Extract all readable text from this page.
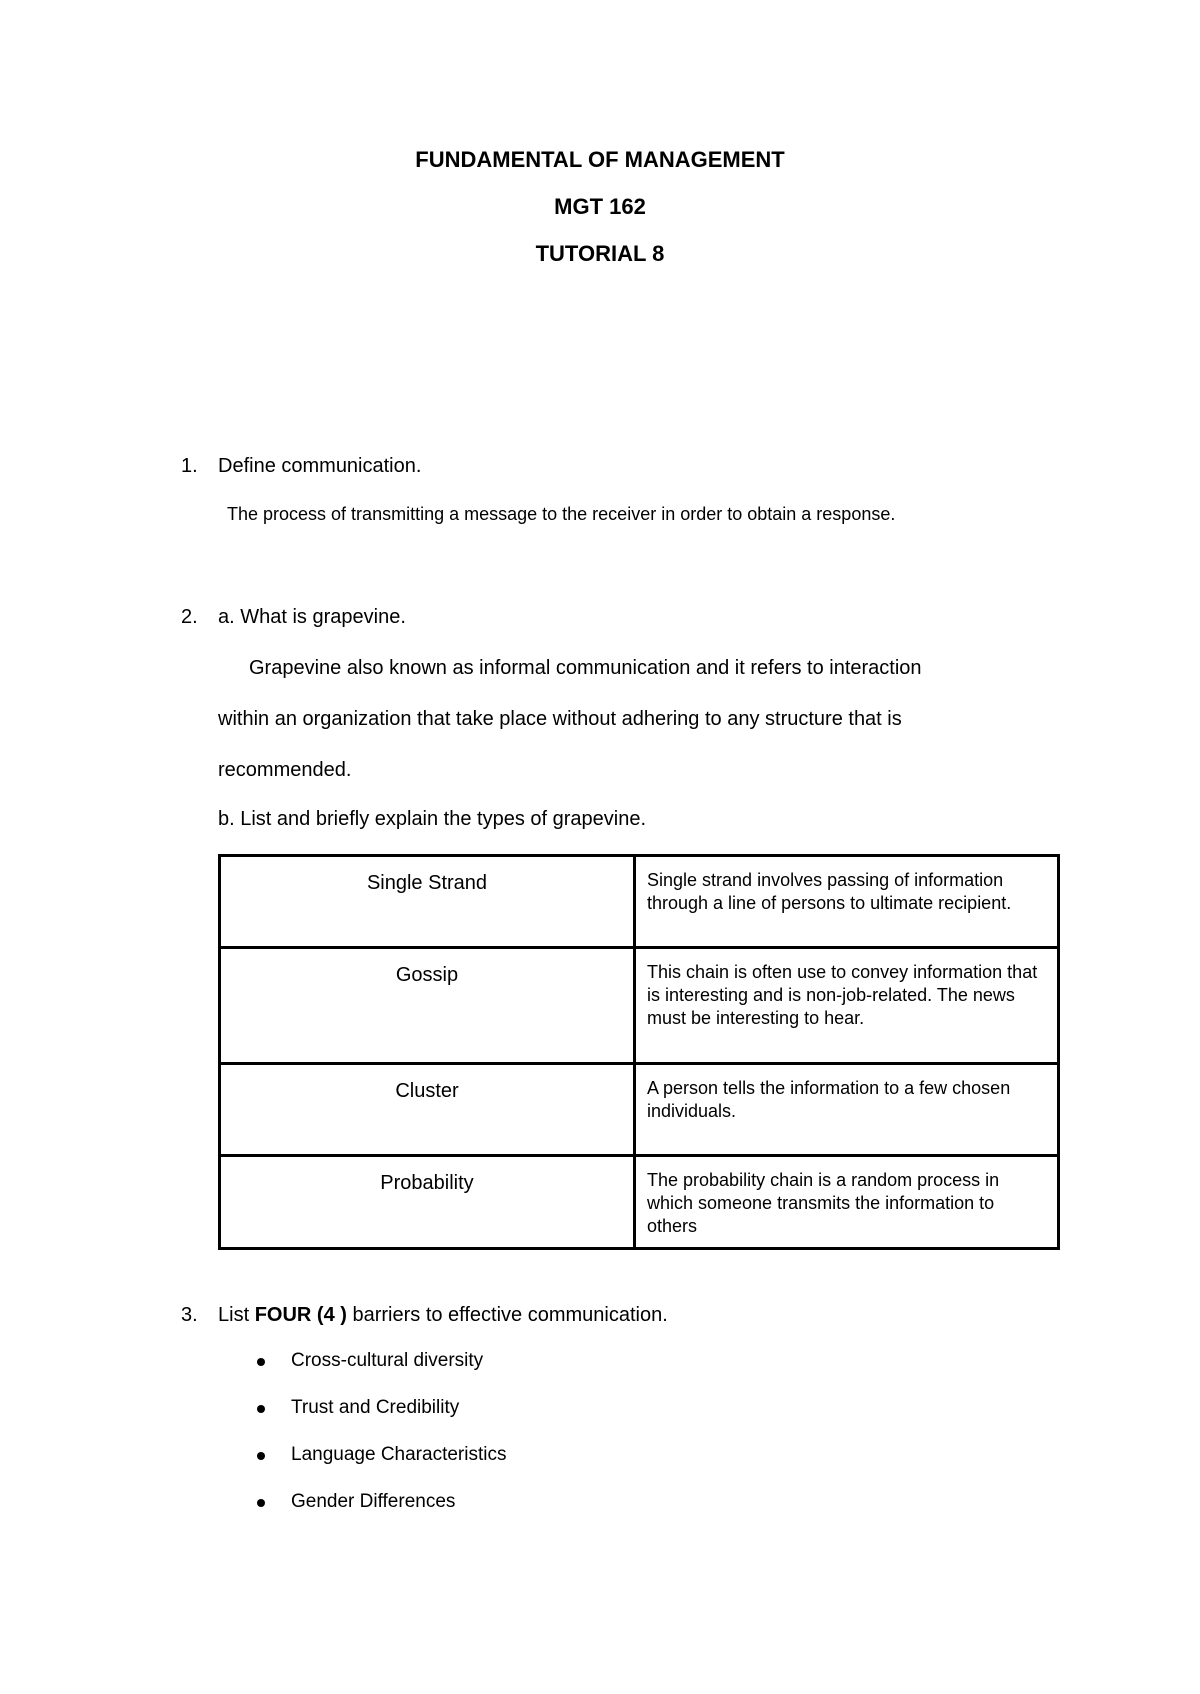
FUNDAMENTAL OF MANAGEMENT
MGT 162
TUTORIAL 8
1. Define communication.
The process of transmitting a message to the receiver in order to obtain a response.
2. a. What is grapevine.
Grapevine also known as informal communication and it refers to interaction
within an organization that take place without adhering to any structure that is
recommended.
b. List and briefly explain the types of grapevine.
Single Strand	Single strand involves passing of information through a line of persons to ultimate recipient.
Gossip	This chain is often use to convey information that is interesting and is non-job-related. The news must be interesting to hear.
Cluster	A person tells the information to a few chosen individuals.
Probability	The probability chain is a random process in which someone transmits the information to others
3. List FOUR (4 ) barriers to effective communication.
Cross-cultural diversity
Trust and Credibility
Language Characteristics
Gender Differences
